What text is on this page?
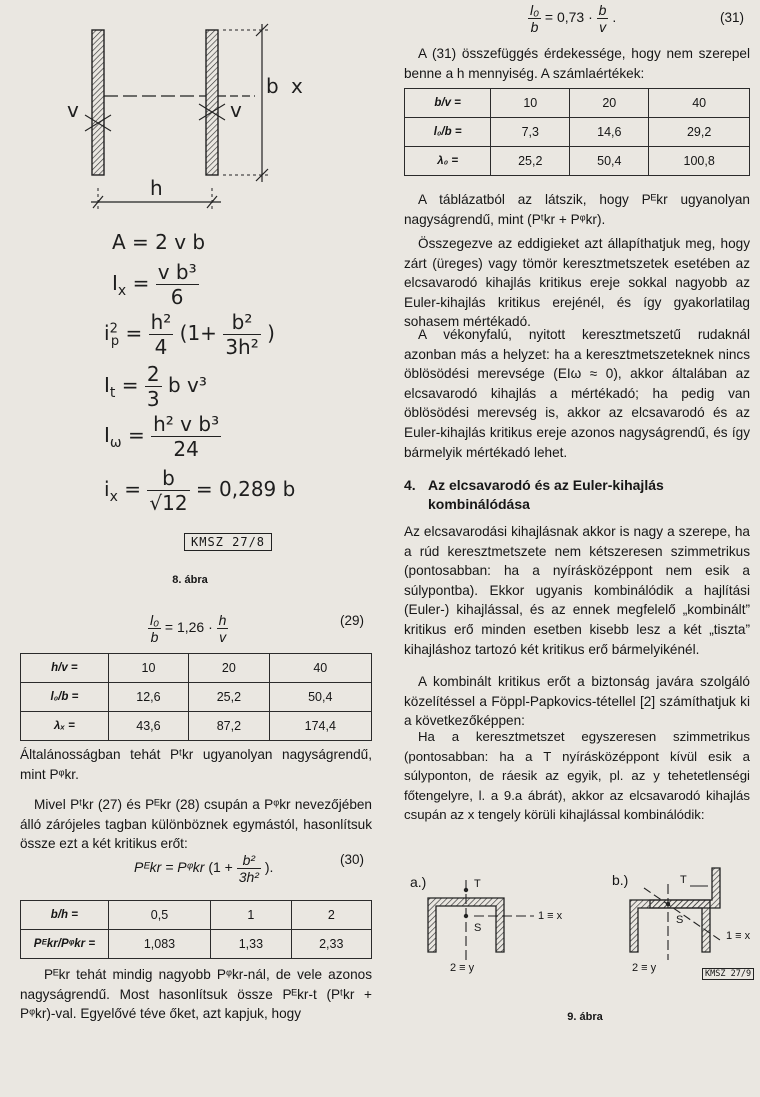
v	v
b x
h
A = 2 v b
$I_x = \frac{\text{v b³}}{6}$
$i^2_p = \frac{\text{h²}}{4} (1+ \frac{\text{b²}}{\text{3h²}}$ )
$I_t = \frac{2}{3}$ b v³
$I_\omega = \frac{\text{h² v b³}}{24}$
$i_x = \frac{b}{√12} = 0,289$ b
KMSZ 27/8
8. ábra
$\frac{\text{l₀}}{b} = 1,26 \cdot \frac{h}{v}$	(29)
h/v =	10	20	40
l₀/b =	12,6	25,2	50,4
λₓ =	43,6	87,2	174,4

Általánosságban tehát Pᵗkr ugyanolyan nagyságrendű, mint Pᵠkr.

Mivel Pᵗkr (27) és Pᴱkr (28) csupán a Pᵠkr nevezőjében álló zárójeles tagban különböznek egymástól, hasonlítsuk össze ezt a két kritikus erőt:

Pᴱkr = Pᵠkr ($1 + \frac{\text{b²}}{\text{3h²}}$ ).	(30)
b/h =	0,5	1	2
Pᴱkr/Pᵠkr =	1,083	1,33	2,33

Pᴱkr tehát mindig nagyobb Pᵠkr-nál, de vele azonos nagyságrendű. Most hasonlítsuk össze Pᴱkr-t (Pᵗkr + Pᵠkr)-val. Egyelővé téve őket, azt kapjuk, hogy

$\frac{\text{l₀}}{b} = 0,73 \cdot \frac{b}{v}$ .	(31)

A (31) összefüggés érdekessége, hogy nem szerepel benne a h mennyiség. A számlaértékek:

b/v =	10	20	40
l₀/b =	7,3	14,6	29,2
λ₀ =	25,2	50,4	100,8

A táblázatból az látszik, hogy Pᴱkr ugyanolyan nagyságrendű, mint (Pᵗkr + Pᵠkr).

Összegezve az eddigieket azt állapíthatjuk meg, hogy zárt (üreges) vagy tömör keresztmetszetek esetében az elcsavarodó kihajlás kritikus ereje sokkal nagyobb az Euler-kihajlás kritikus erejénél, és így gyakorlatilag sohasem mértékadó.

A vékonyfalú, nyitott keresztmetszetű rudaknál azonban más a helyzet: ha a keresztmetszeteknek nincs öblösödési merevsége (EIω ≈ 0), akkor általában az elcsavarodó kihajlás a mértékadó; ha pedig van öblösödési merevség is, akkor az elcsavarodó és az Euler-kihajlás kritikus ereje azonos nagyságrendű, és így bármelyik mértékadó lehet.

4. Az elcsavarodó és az Euler-kihajlás kombinálódása

Az elcsavarodási kihajlásnak akkor is nagy a szerepe, ha a rúd keresztmetszete nem kétszeresen szimmetrikus (pontosabban: ha a nyírásközéppont nem esik a súlypontba). Ekkor ugyanis kombinálódik a hajlítási (Euler-) kihajlással, és az ennek megfelelő „kombinált” kritikus erő minden esetben kisebb lesz a két „tiszta” kihajláshoz tartozó két kritikus erő bármelyikénél.

A kombinált kritikus erőt a biztonság javára szolgáló közelítéssel a Föppl-Papkovics-tétellel [2] számíthatjuk ki a következőképpen:

Ha a keresztmetszet egyszeresen szimmetrikus (pontosabban: ha a T nyírásközéppont kívül esik a súlyponton, de ráesik az egyik, pl. az y tehetetlenségi főtengelyre, l. a 9.a ábrát), akkor az elcsavarodó kihajlás csupán az x tengely körüli kihajlással kombinálódik:

a.)	b.)
T
S
1 ≡ x
2 ≡ y
T
S
1 ≡ x
2 ≡ y	KMSZ 27/9
9. ábra
